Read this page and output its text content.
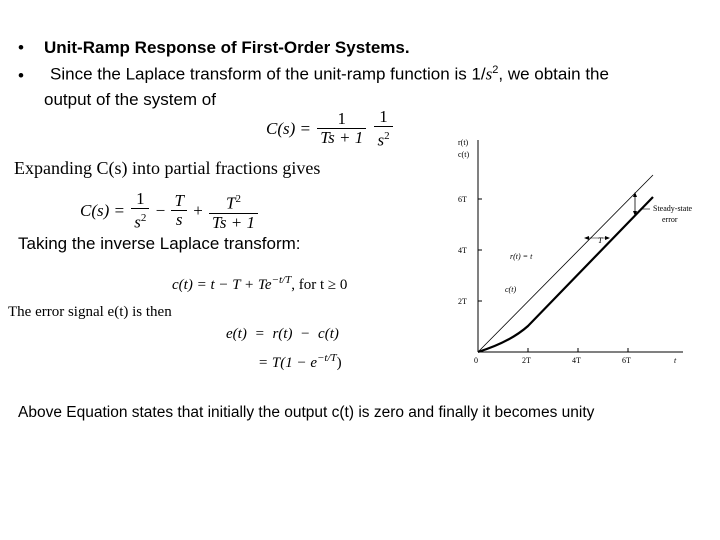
• Unit-Ramp Response of First-Order Systems.
• Since the Laplace transform of the unit-ramp function is $1/s^2$, we obtain the
output of the system of
$C(s) = \frac{1}{Ts + 1}$
$\frac{1}{s^2}$
Expanding C(s) into partial fractions gives
$C(s) = \frac{1}{s^2} - \frac{T}{s} + \frac{T^2}{Ts + 1}$
Taking the inverse Laplace transform:
$c(t) = t - T + Te^{-t/T}$, for t ≥ 0
The error signal e(t) is then
e(t) = r(t) − c(t)
= $T(1 - e^{-t/T})$
Above Equation states that initially the output c(t) is zero and finally it becomes unity
r(t)
c(t)
6T
4T
2T
0	2T	4T	6T	t
r(t) = t
c(t)
T
Steady-state
error
